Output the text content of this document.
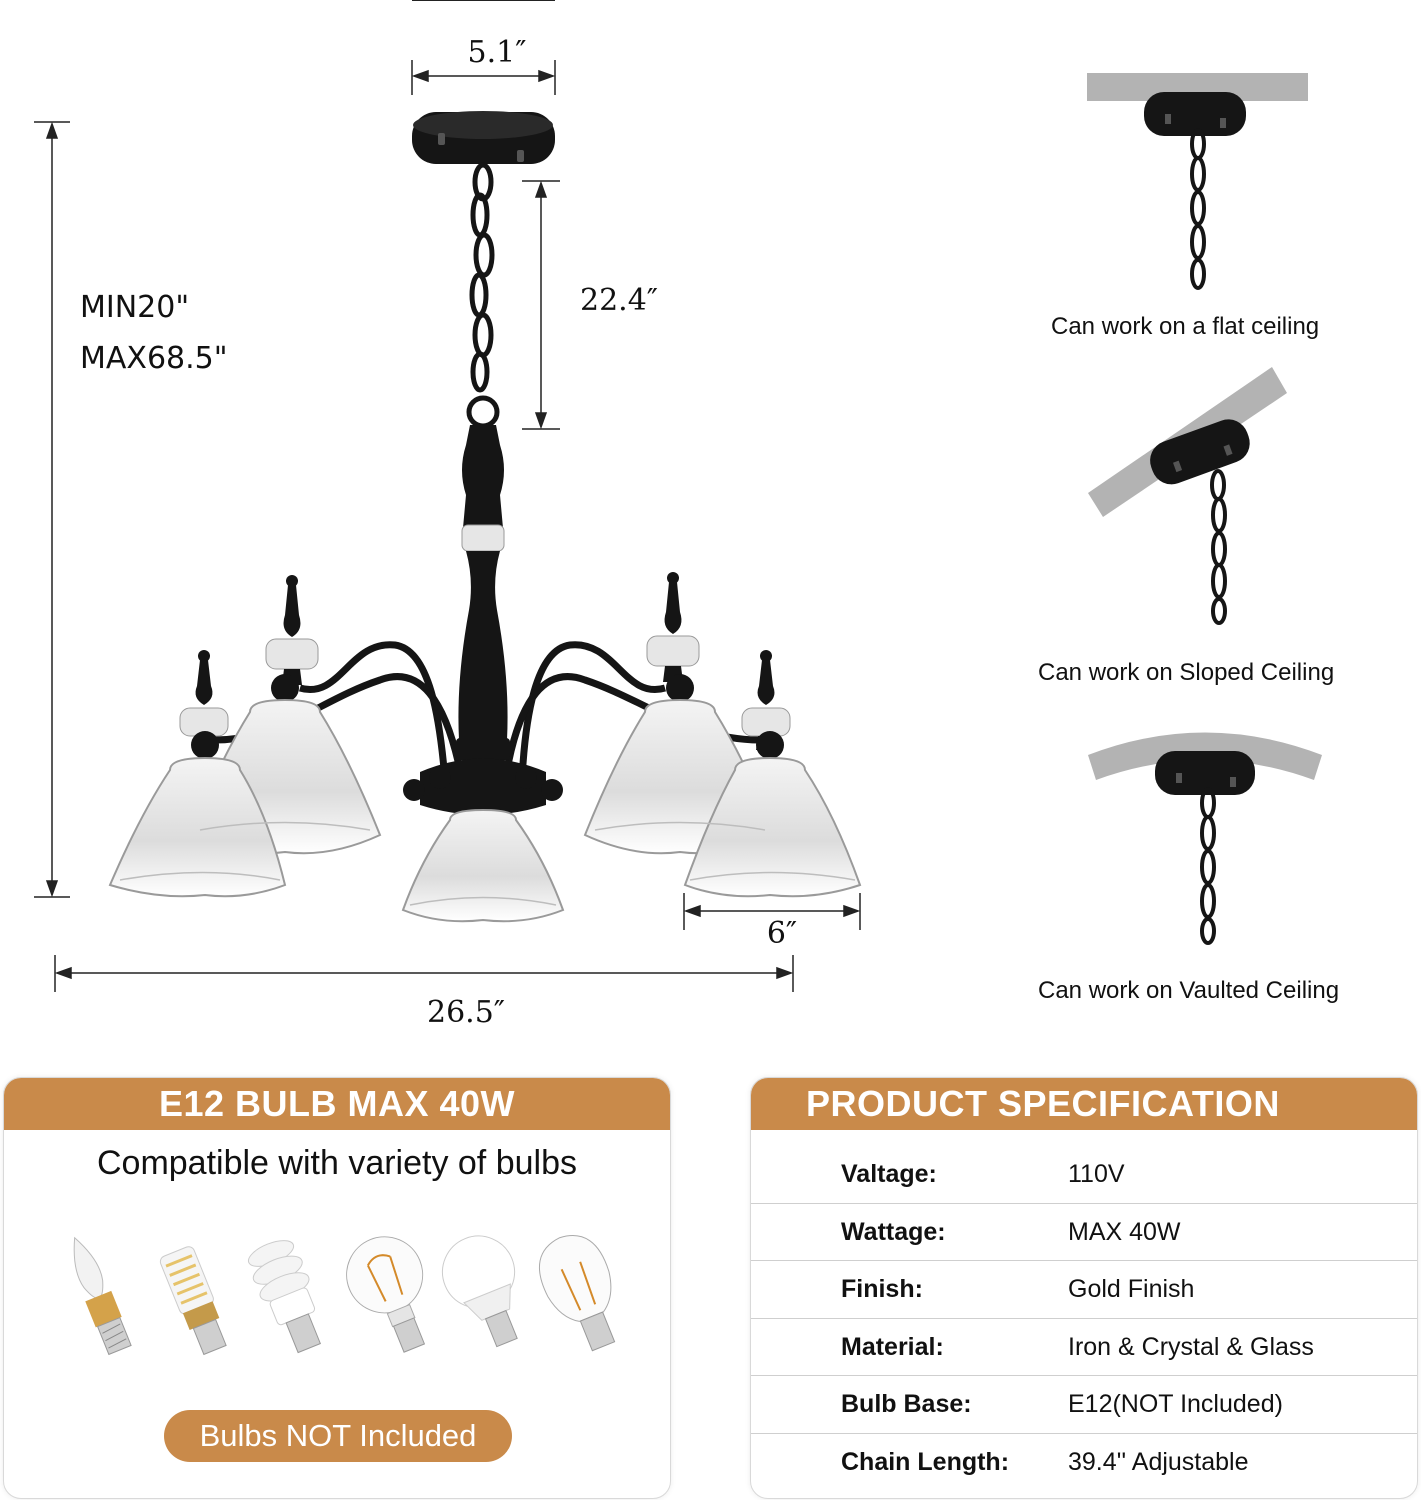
5.1″
22.4″
MIN20"
MAX68.5"
6″
26.5″
Can work on a flat ceiling
Can work on Sloped Ceiling
Can work on Vaulted Ceiling
E12 BULB MAX 40W
Compatible with variety of bulbs
Bulbs NOT Included
PRODUCT SPECIFICATION
Valtage:	110V
Wattage:	MAX 40W
Finish:	Gold Finish
Material:	Iron & Crystal & Glass
Bulb Base:	E12(NOT Included)
Chain Length: 39.4'' Adjustable
